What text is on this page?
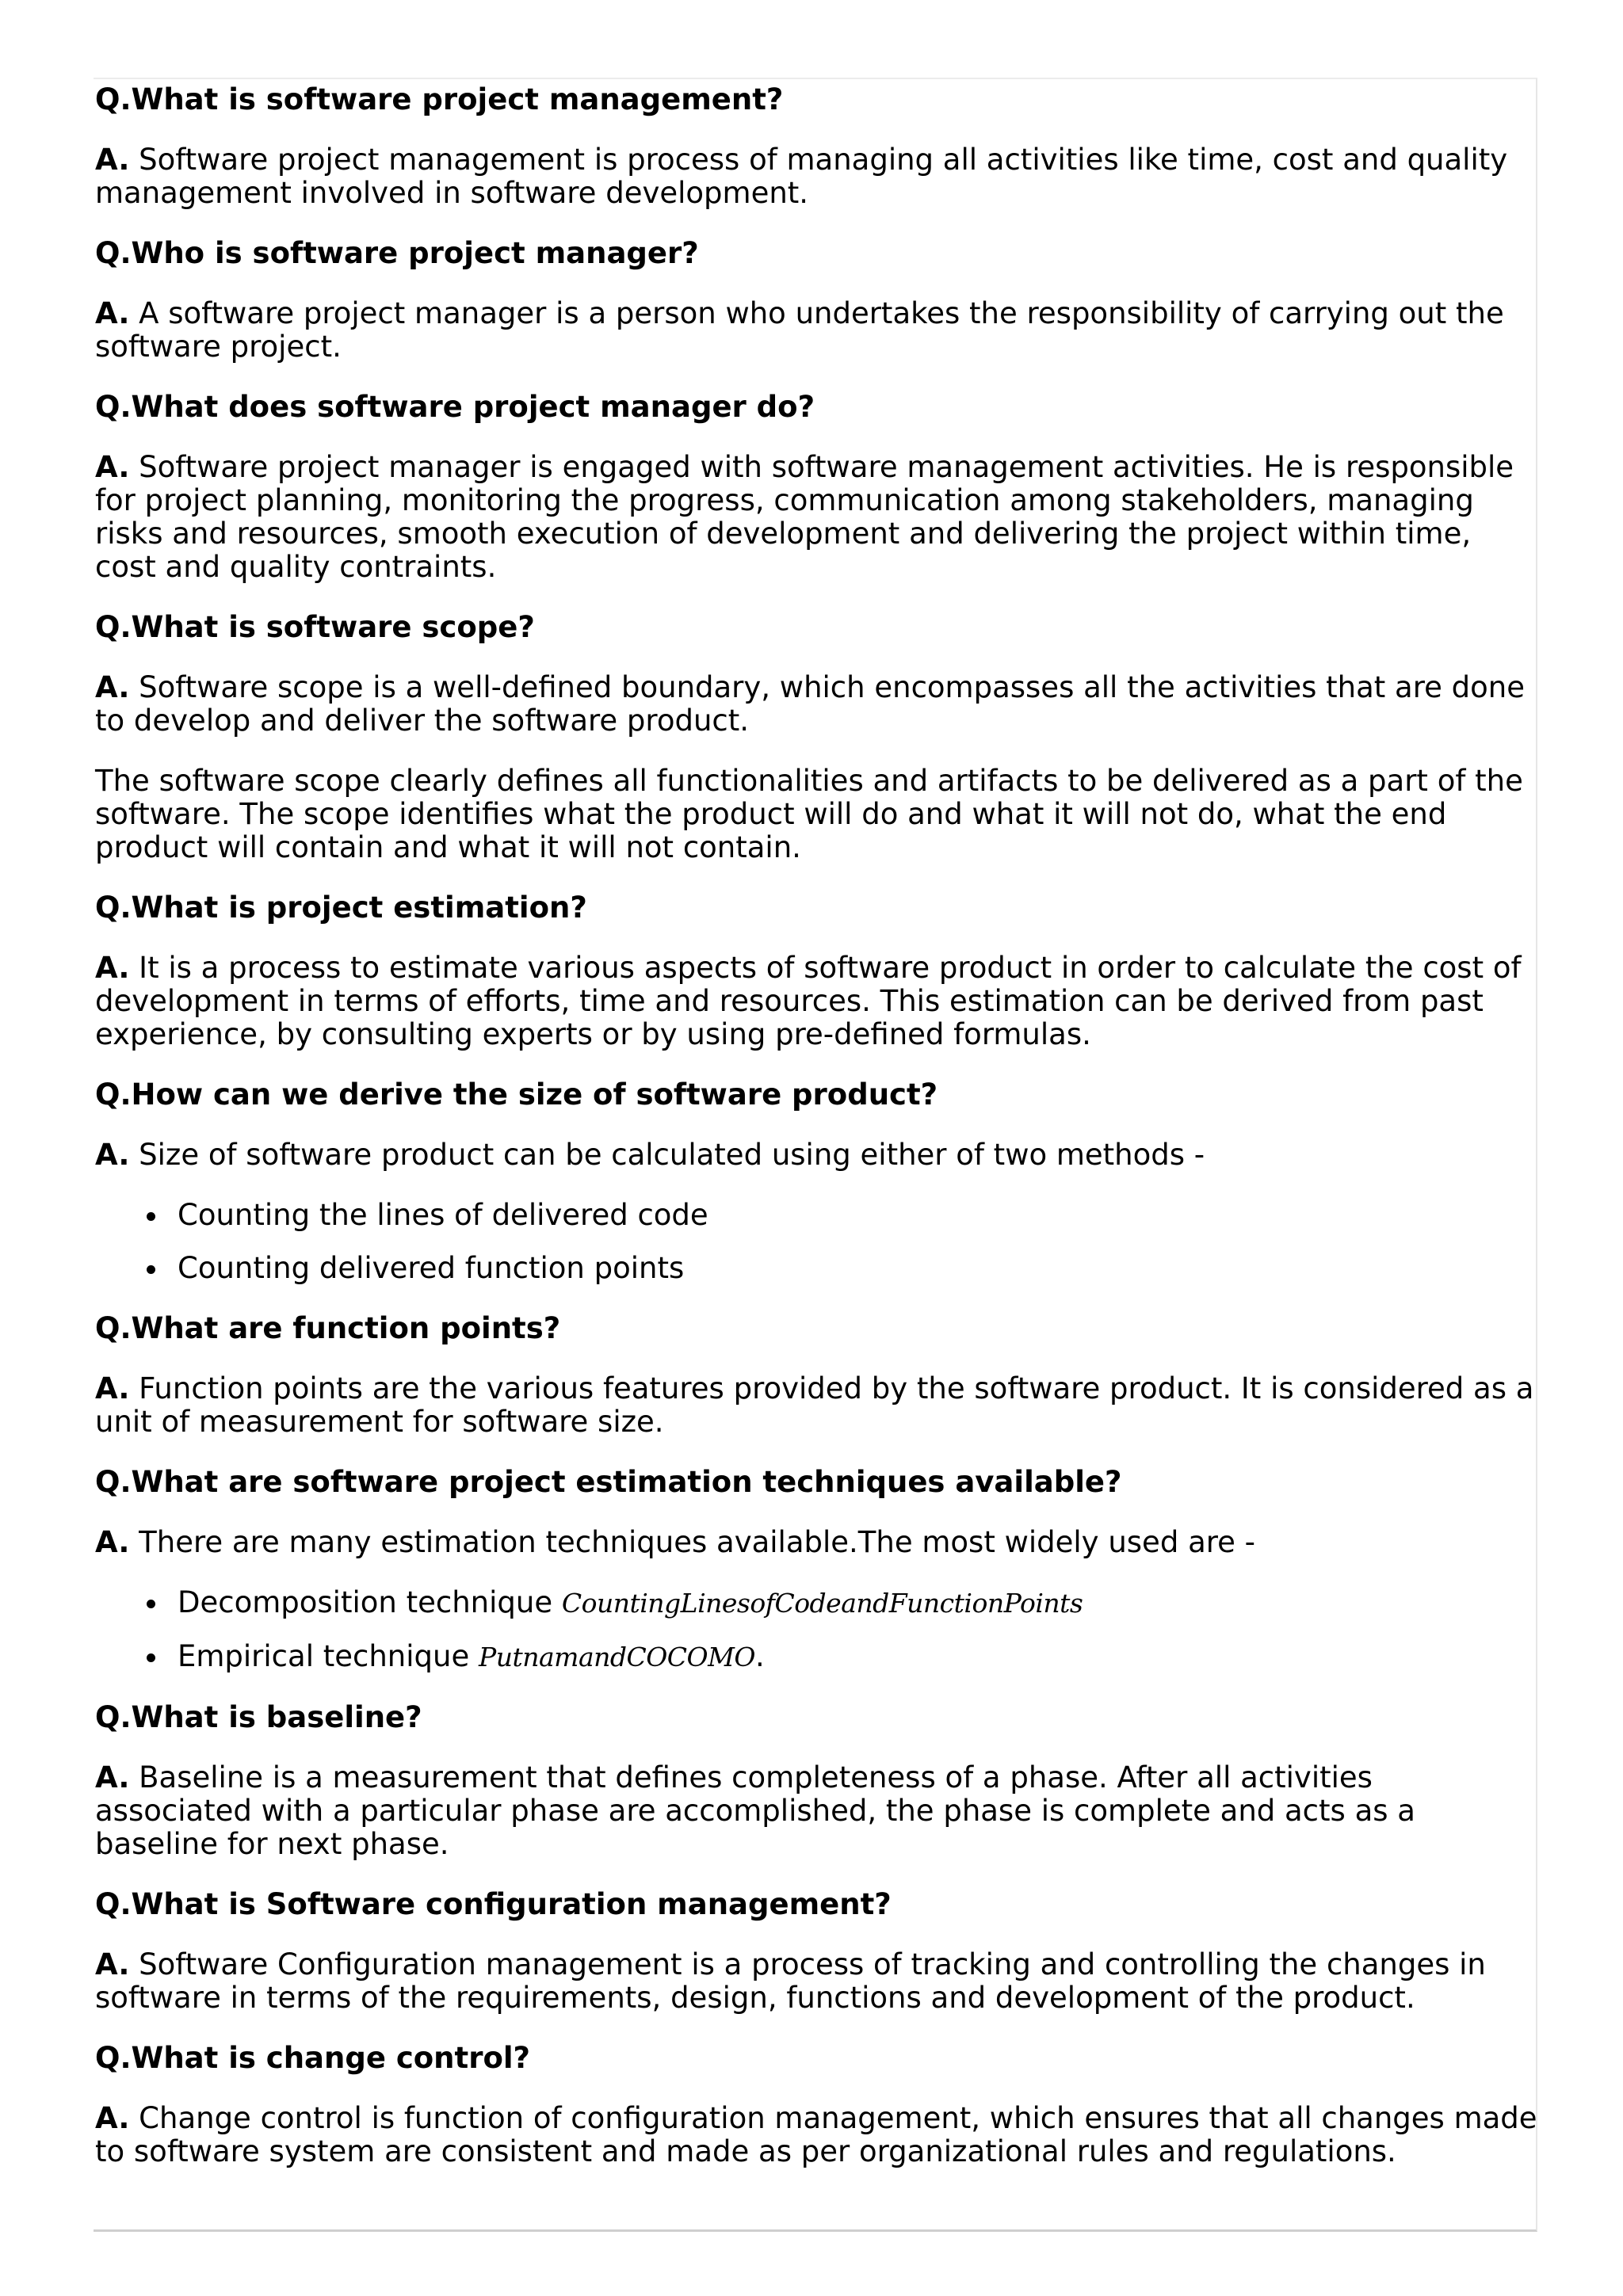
Q.What is software project management?
A. Software project management is process of managing all activities like time, cost and quality management involved in software development.
Q.Who is software project manager?
A. A software project manager is a person who undertakes the responsibility of carrying out the software project.
Q.What does software project manager do?
A. Software project manager is engaged with software management activities. He is responsible for project planning, monitoring the progress, communication among stakeholders, managing risks and resources, smooth execution of development and delivering the project within time, cost and quality contraints.
Q.What is software scope?
A. Software scope is a well-defined boundary, which encompasses all the activities that are done to develop and deliver the software product.
The software scope clearly defines all functionalities and artifacts to be delivered as a part of the software. The scope identifies what the product will do and what it will not do, what the end product will contain and what it will not contain.
Q.What is project estimation?
A. It is a process to estimate various aspects of software product in order to calculate the cost of development in terms of efforts, time and resources. This estimation can be derived from past experience, by consulting experts or by using pre-defined formulas.
Q.How can we derive the size of software product?
A. Size of software product can be calculated using either of two methods -
Counting the lines of delivered code
Counting delivered function points
Q.What are function points?
A. Function points are the various features provided by the software product. It is considered as a unit of measurement for software size.
Q.What are software project estimation techniques available?
A. There are many estimation techniques available.The most widely used are -
Decomposition technique CountingLinesofCodeandFunctionPoints
Empirical technique PutnamandCOCOMO.
Q.What is baseline?
A. Baseline is a measurement that defines completeness of a phase. After all activities associated with a particular phase are accomplished, the phase is complete and acts as a baseline for next phase.
Q.What is Software configuration management?
A. Software Configuration management is a process of tracking and controlling the changes in software in terms of the requirements, design, functions and development of the product.
Q.What is change control?
A. Change control is function of configuration management, which ensures that all changes made to software system are consistent and made as per organizational rules and regulations.
